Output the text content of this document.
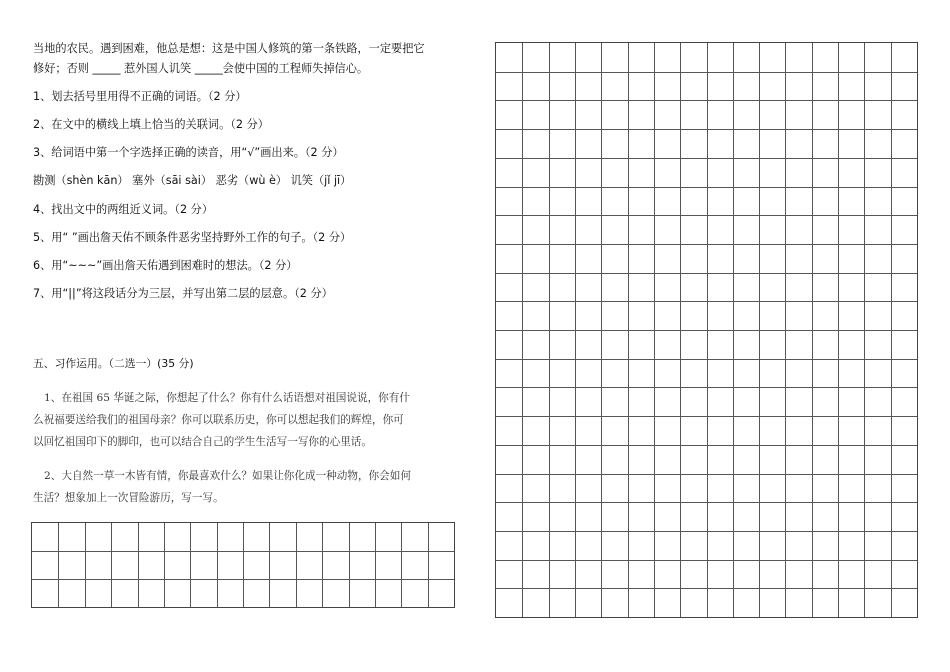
当地的农民。遇到困难，他总是想：这是中国人修筑的第一条铁路，一定要把它
修好；否则 _____ 惹外国人讥笑 _____会使中国的工程师失掉信心。
1、划去括号里用得不正确的词语。（2 分）
2、在文中的横线上填上恰当的关联词。（2 分）
3、给词语中第一个字选择正确的读音，用“√”画出来。（2 分）
勘测（shèn kān） 塞外（sāi sài） 恶劣（wù è） 讥笑（jǐ jī）
4、找出文中的两组近义词。（2 分）
5、用“ ”画出詹天佑不顾条件恶劣坚持野外工作的句子。（2 分）
6、用“~~~”画出詹天佑遇到困难时的想法。（2 分）
7、用“||”将这段话分为三层，并写出第二层的层意。（2 分）
五、习作运用。（二选一）(35 分)
1、在祖国 65 华诞之际，你想起了什么？你有什么话语想对祖国说说，你有什
么祝福要送给我们的祖国母亲？你可以联系历史，你可以想起我们的辉煌，你可
以回忆祖国印下的脚印，也可以结合自己的学生生活写一写你的心里话。
2、大自然一草一木皆有情，你最喜欢什么？如果让你化成一种动物，你会如何
生活？想象加上一次冒险游历，写一写。
